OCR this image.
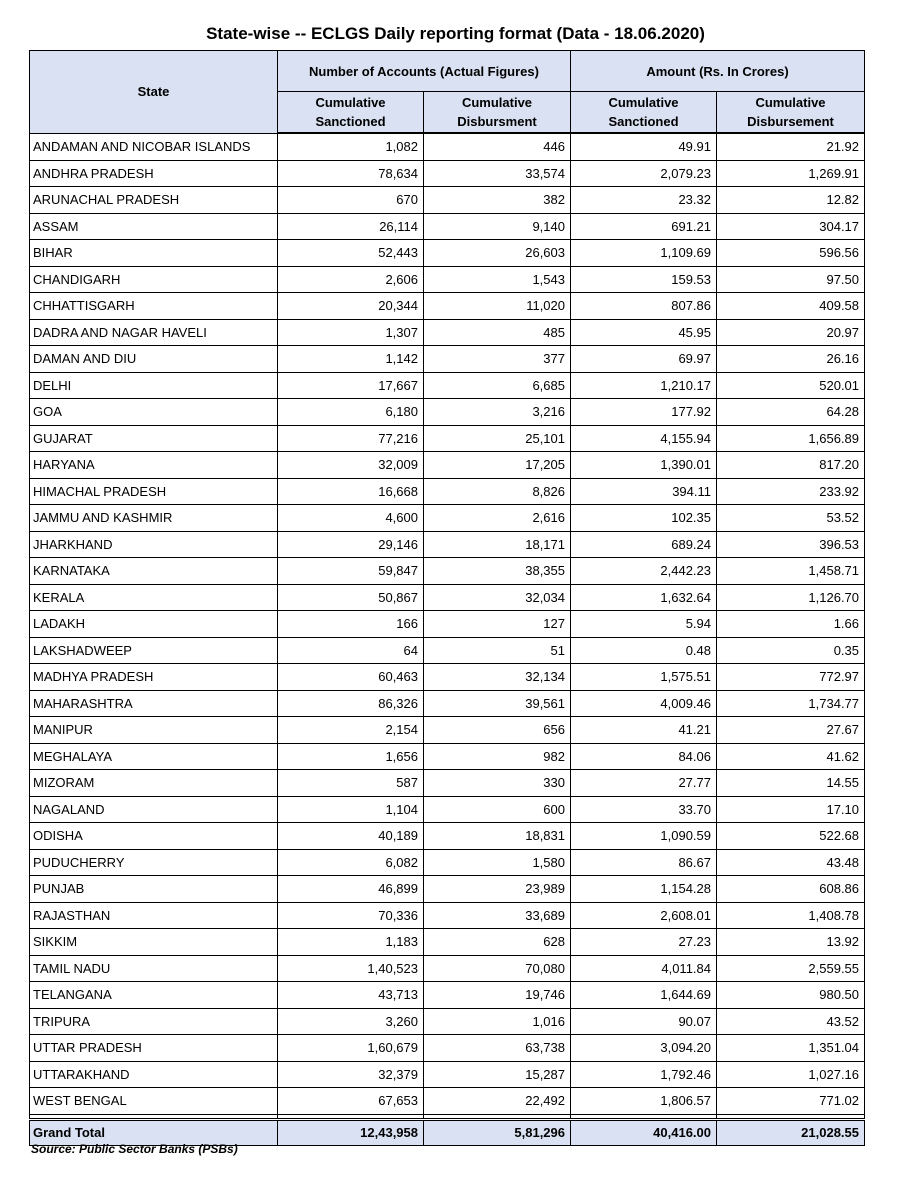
State-wise -- ECLGS Daily reporting format (Data - 18.06.2020)
State	Number of Accounts (Actual Figures)		Amount (Rs. In Crores)	
	Cumulative Sanctioned	Cumulative Disbursment	Cumulative Sanctioned	Cumulative Disbursement
ANDAMAN AND NICOBAR ISLANDS	1,082	446	49.91	21.92
ANDHRA PRADESH	78,634	33,574	2,079.23	1,269.91
ARUNACHAL PRADESH	670	382	23.32	12.82
ASSAM	26,114	9,140	691.21	304.17
BIHAR	52,443	26,603	1,109.69	596.56
CHANDIGARH	2,606	1,543	159.53	97.50
CHHATTISGARH	20,344	11,020	807.86	409.58
DADRA AND NAGAR HAVELI	1,307	485	45.95	20.97
DAMAN AND DIU	1,142	377	69.97	26.16
DELHI	17,667	6,685	1,210.17	520.01
GOA	6,180	3,216	177.92	64.28
GUJARAT	77,216	25,101	4,155.94	1,656.89
HARYANA	32,009	17,205	1,390.01	817.20
HIMACHAL PRADESH	16,668	8,826	394.11	233.92
JAMMU AND KASHMIR	4,600	2,616	102.35	53.52
JHARKHAND	29,146	18,171	689.24	396.53
KARNATAKA	59,847	38,355	2,442.23	1,458.71
KERALA	50,867	32,034	1,632.64	1,126.70
LADAKH	166	127	5.94	1.66
LAKSHADWEEP	64	51	0.48	0.35
MADHYA PRADESH	60,463	32,134	1,575.51	772.97
MAHARASHTRA	86,326	39,561	4,009.46	1,734.77
MANIPUR	2,154	656	41.21	27.67
MEGHALAYA	1,656	982	84.06	41.62
MIZORAM	587	330	27.77	14.55
NAGALAND	1,104	600	33.70	17.10
ODISHA	40,189	18,831	1,090.59	522.68
PUDUCHERRY	6,082	1,580	86.67	43.48
PUNJAB	46,899	23,989	1,154.28	608.86
RAJASTHAN	70,336	33,689	2,608.01	1,408.78
SIKKIM	1,183	628	27.23	13.92
TAMIL NADU	1,40,523	70,080	4,011.84	2,559.55
TELANGANA	43,713	19,746	1,644.69	980.50
TRIPURA	3,260	1,016	90.07	43.52
UTTAR PRADESH	1,60,679	63,738	3,094.20	1,351.04
UTTARAKHAND	32,379	15,287	1,792.46	1,027.16
WEST BENGAL	67,653	22,492	1,806.57	771.02

Grand Total	12,43,958	5,81,296	40,416.00	21,028.55
Source: Public Sector Banks (PSBs)
